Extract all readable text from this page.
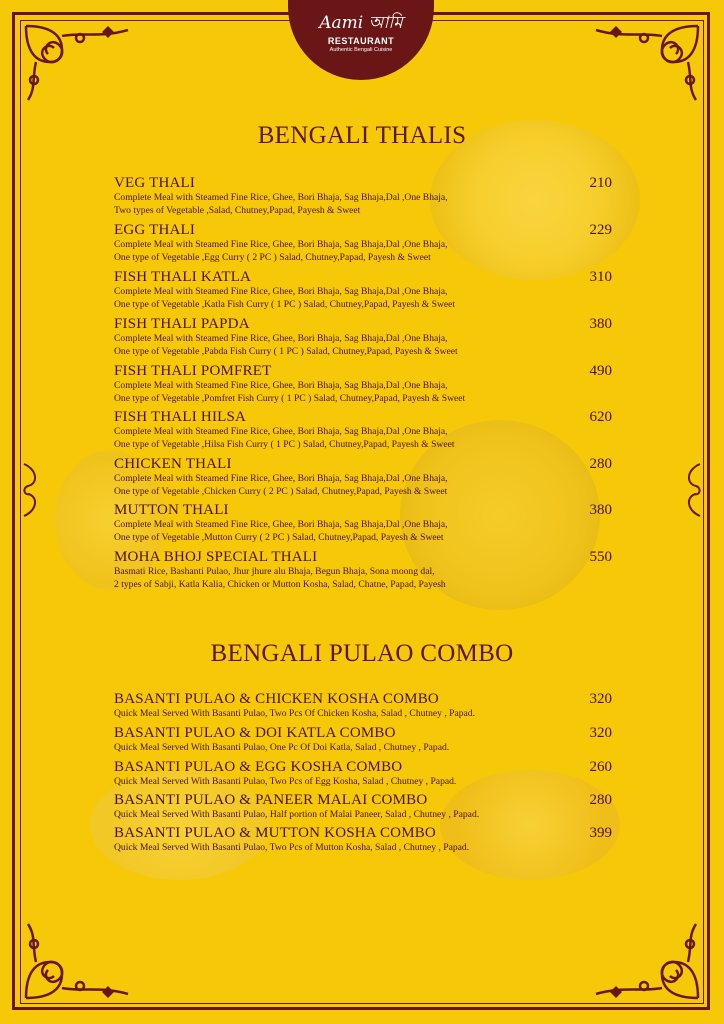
Aami আমি
RESTAURANT
Authentic Bengali Cuisine
BENGALI THALIS
VEG THALI	210
Complete Meal with Steamed Fine Rice, Ghee, Bori Bhaja, Sag Bhaja,Dal ,One Bhaja,
Two types of Vegetable ,Salad, Chutney,Papad, Payesh & Sweet
EGG THALI	229
Complete Meal with Steamed Fine Rice, Ghee, Bori Bhaja, Sag Bhaja,Dal ,One Bhaja,
One type of Vegetable ,Egg Curry ( 2 PC ) Salad, Chutney,Papad, Payesh & Sweet
FISH THALI KATLA	310
Complete Meal with Steamed Fine Rice, Ghee, Bori Bhaja, Sag Bhaja,Dal ,One Bhaja,
One type of Vegetable ,Katla Fish Curry ( 1 PC ) Salad, Chutney,Papad, Payesh & Sweet
FISH THALI PAPDA	380
Complete Meal with Steamed Fine Rice, Ghee, Bori Bhaja, Sag Bhaja,Dal ,One Bhaja,
One type of Vegetable ,Pabda Fish Curry ( 1 PC ) Salad, Chutney,Papad, Payesh & Sweet
FISH THALI POMFRET	490
Complete Meal with Steamed Fine Rice, Ghee, Bori Bhaja, Sag Bhaja,Dal ,One Bhaja,
One type of Vegetable ,Pomfret Fish Curry ( 1 PC ) Salad, Chutney,Papad, Payesh & Sweet
FISH THALI HILSA	620
Complete Meal with Steamed Fine Rice, Ghee, Bori Bhaja, Sag Bhaja,Dal ,One Bhaja,
One type of Vegetable ,Hilsa Fish Curry ( 1 PC ) Salad, Chutney,Papad, Payesh & Sweet
CHICKEN THALI	280
Complete Meal with Steamed Fine Rice, Ghee, Bori Bhaja, Sag Bhaja,Dal ,One Bhaja,
One type of Vegetable ,Chicken Curry ( 2 PC ) Salad, Chutney,Papad, Payesh & Sweet
MUTTON THALI	380
Complete Meal with Steamed Fine Rice, Ghee, Bori Bhaja, Sag Bhaja,Dal ,One Bhaja,
One type of Vegetable ,Mutton Curry ( 2 PC ) Salad, Chutney,Papad, Payesh & Sweet
MOHA BHOJ SPECIAL THALI	550
Basmati Rice, Bashanti Pulao, Jhur jhure alu Bhaja, Begun Bhaja, Sona moong dal,
2 types of Sabji, Katla Kalia, Chicken or Mutton Kosha, Salad, Chatne, Papad, Payesh
BENGALI PULAO COMBO
BASANTI PULAO & CHICKEN KOSHA COMBO	320
Quick Meal Served With Basanti Pulao, Two Pcs Of Chicken Kosha, Salad , Chutney , Papad.
BASANTI PULAO & DOI KATLA COMBO	320
Quick Meal Served With Basanti Pulao, One Pc Of Doi Katla, Salad , Chutney , Papad.
BASANTI PULAO & EGG KOSHA COMBO	260
Quick Meal Served With Basanti Pulao, Two Pcs of Egg Kosha, Salad , Chutney , Papad.
BASANTI PULAO & PANEER MALAI COMBO	280
Quick Meal Served With Basanti Pulao, Half portion of Malai Paneer, Salad , Chutney , Papad.
BASANTI PULAO & MUTTON KOSHA COMBO	399
Quick Meal Served With Basanti Pulao, Two Pcs of Mutton Kosha, Salad , Chutney , Papad.
